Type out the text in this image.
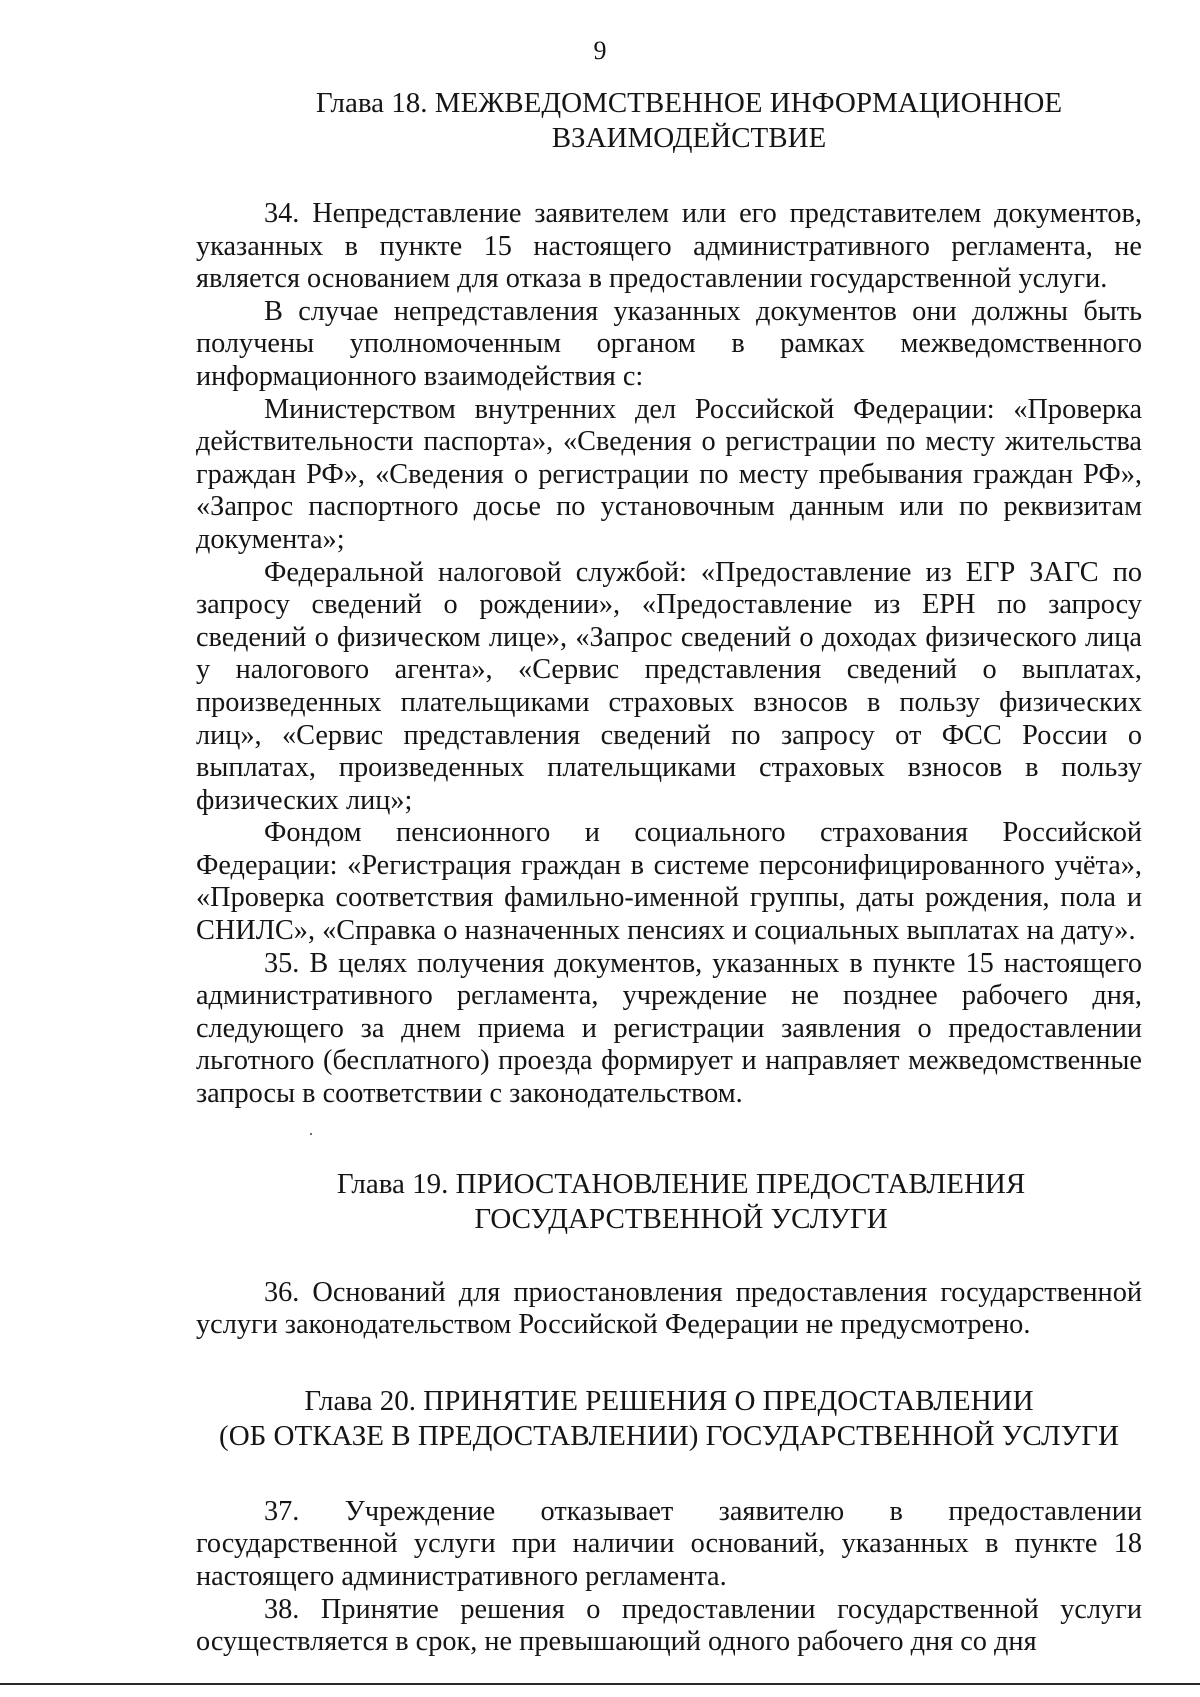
9
Глава 18. МЕЖВЕДОМСТВЕННОЕ ИНФОРМАЦИОННОЕ
ВЗАИМОДЕЙСТВИЕ

34. Непредставление заявителем или его представителем документов, указанных в пункте 15 настоящего административного регламента, не является основанием для отказа в предоставлении государственной услуги.

В случае непредставления указанных документов они должны быть получены уполномоченным органом в рамках межведомственного информационного взаимодействия с:

Министерством внутренних дел Российской Федерации: «Проверка действительности паспорта», «Сведения о регистрации по месту жительства граждан РФ», «Сведения о регистрации по месту пребывания граждан РФ», «Запрос паспортного досье по установочным данным или по реквизитам документа»;

Федеральной налоговой службой: «Предоставление из ЕГР ЗАГС по запросу сведений о рождении», «Предоставление из ЕРН по запросу сведений о физическом лице», «Запрос сведений о доходах физического лица у налогового агента», «Сервис представления сведений о выплатах, произведенных плательщиками страховых взносов в пользу физических лиц», «Сервис представления сведений по запросу от ФСС России о выплатах, произведенных плательщиками страховых взносов в пользу физических лиц»;

Фондом пенсионного и социального страхования Российской Федерации: «Регистрация граждан в системе персонифицированного учёта», «Проверка соответствия фамильно-именной группы, даты рождения, пола и СНИЛС», «Справка о назначенных пенсиях и социальных выплатах на дату».

35. В целях получения документов, указанных в пункте 15 настоящего административного регламента, учреждение не позднее рабочего дня, следующего за днем приема и регистрации заявления о предоставлении льготного (бесплатного) проезда формирует и направляет межведомственные запросы в соответствии с законодательством.

Глава 19. ПРИОСТАНОВЛЕНИЕ ПРЕДОСТАВЛЕНИЯ
ГОСУДАРСТВЕННОЙ УСЛУГИ

36. Оснований для приостановления предоставления государственной услуги законодательством Российской Федерации не предусмотрено.

Глава 20. ПРИНЯТИЕ РЕШЕНИЯ О ПРЕДОСТАВЛЕНИИ
(ОБ ОТКАЗЕ В ПРЕДОСТАВЛЕНИИ) ГОСУДАРСТВЕННОЙ УСЛУГИ

37. Учреждение отказывает заявителю в предоставлении государственной услуги при наличии оснований, указанных в пункте 18 настоящего административного регламента.

38. Принятие решения о предоставлении государственной услуги осуществляется в срок, не превышающий одного рабочего дня со дня
